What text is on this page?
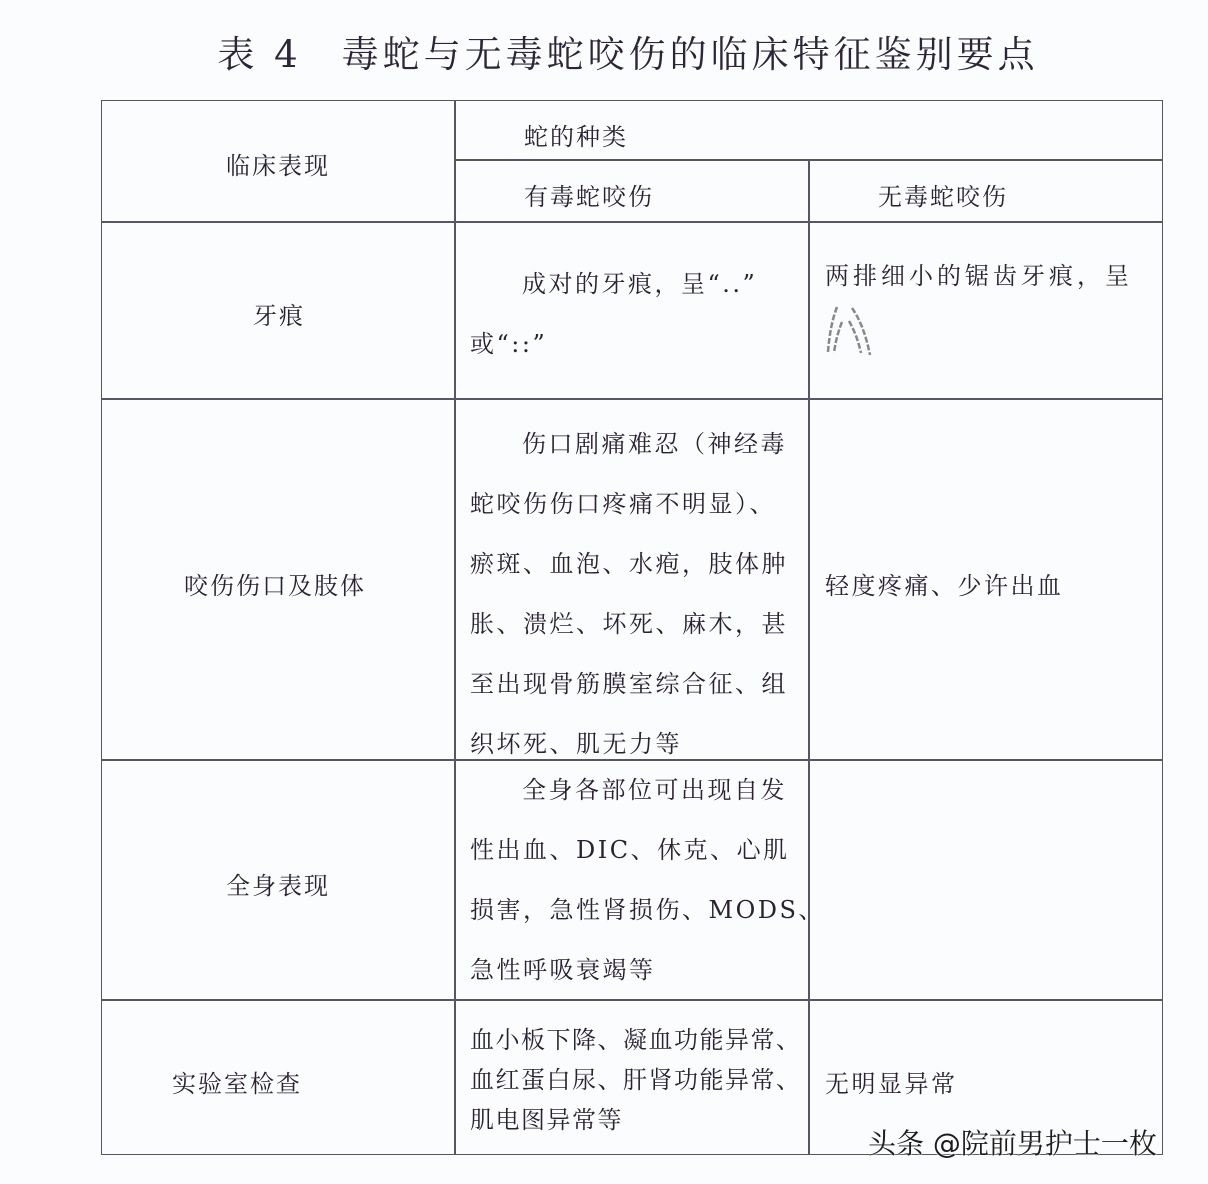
表 4 毒蛇与无毒蛇咬伤的临床特征鉴别要点
临床表现
蛇的种类
有毒蛇咬伤	无毒蛇咬伤
牙痕
成对的牙痕，呈“..”
或“::”
两排细小的锯齿牙痕，呈
咬伤伤口及肢体
伤口剧痛难忍（神经毒
蛇咬伤伤口疼痛不明显）、
瘀斑、血泡、水疱，肢体肿
胀、溃烂、坏死、麻木，甚
至出现骨筋膜室综合征、组
织坏死、肌无力等
轻度疼痛、少许出血
全身表现
全身各部位可出现自发
性出血、DIC、休克、心肌
损害，急性肾损伤、MODS、
急性呼吸衰竭等
实验室检查
血小板下降、凝血功能异常、
血红蛋白尿、肝肾功能异常、
肌电图异常等
无明显异常
头条 @院前男护士一枚
